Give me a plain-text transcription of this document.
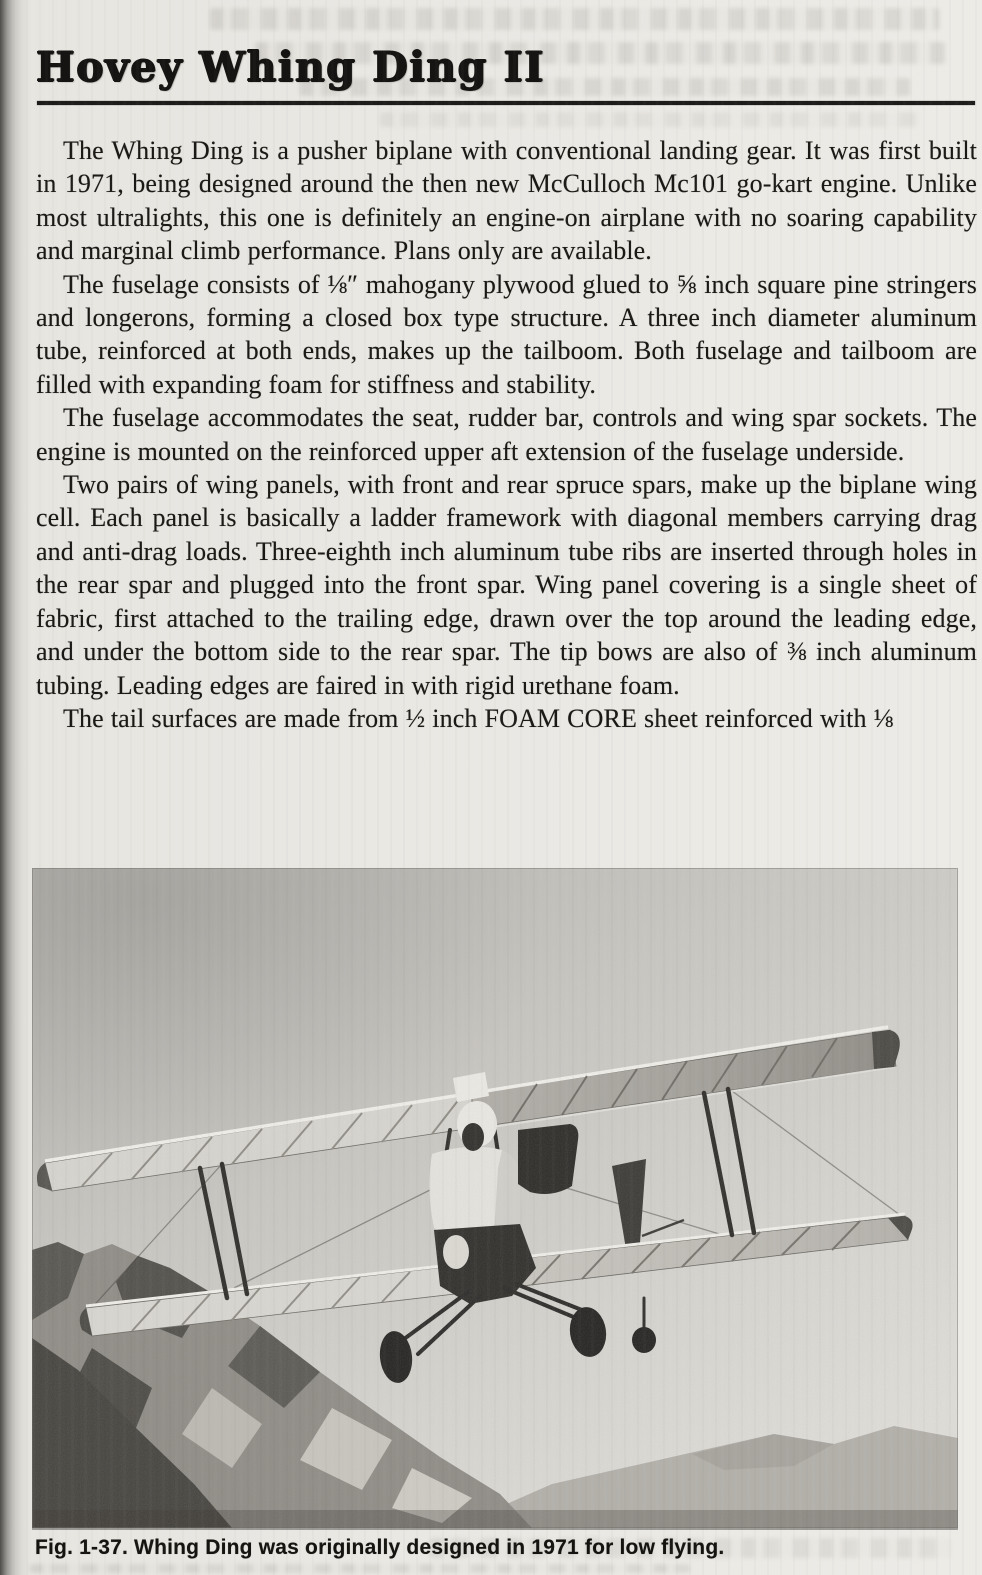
Hovey Whing Ding II

The Whing Ding is a pusher biplane with conventional landing gear. It was first built in 1971, being designed around the then new McCulloch Mc101 go-kart engine. Unlike most ultralights, this one is definitely an engine-on airplane with no soaring capability and marginal climb performance. Plans only are available.

The fuselage consists of ⅛″ mahogany plywood glued to ⅝ inch square pine stringers and longerons, forming a closed box type structure. A three inch diameter aluminum tube, reinforced at both ends, makes up the tailboom. Both fuselage and tailboom are filled with expanding foam for stiffness and stability.

The fuselage accommodates the seat, rudder bar, controls and wing spar sockets. The engine is mounted on the reinforced upper aft extension of the fuselage underside.

Two pairs of wing panels, with front and rear spruce spars, make up the biplane wing cell. Each panel is basically a ladder framework with diagonal members carrying drag and anti-drag loads. Three-eighth inch aluminum tube ribs are inserted through holes in the rear spar and plugged into the front spar. Wing panel covering is a single sheet of fabric, first attached to the trailing edge, drawn over the top around the leading edge, and under the bottom side to the rear spar. The tip bows are also of ⅜ inch aluminum tubing. Leading edges are faired in with rigid urethane foam.

The tail surfaces are made from ½ inch FOAM CORE sheet reinforced with ⅛

Fig. 1-37. Whing Ding was originally designed in 1971 for low flying.
